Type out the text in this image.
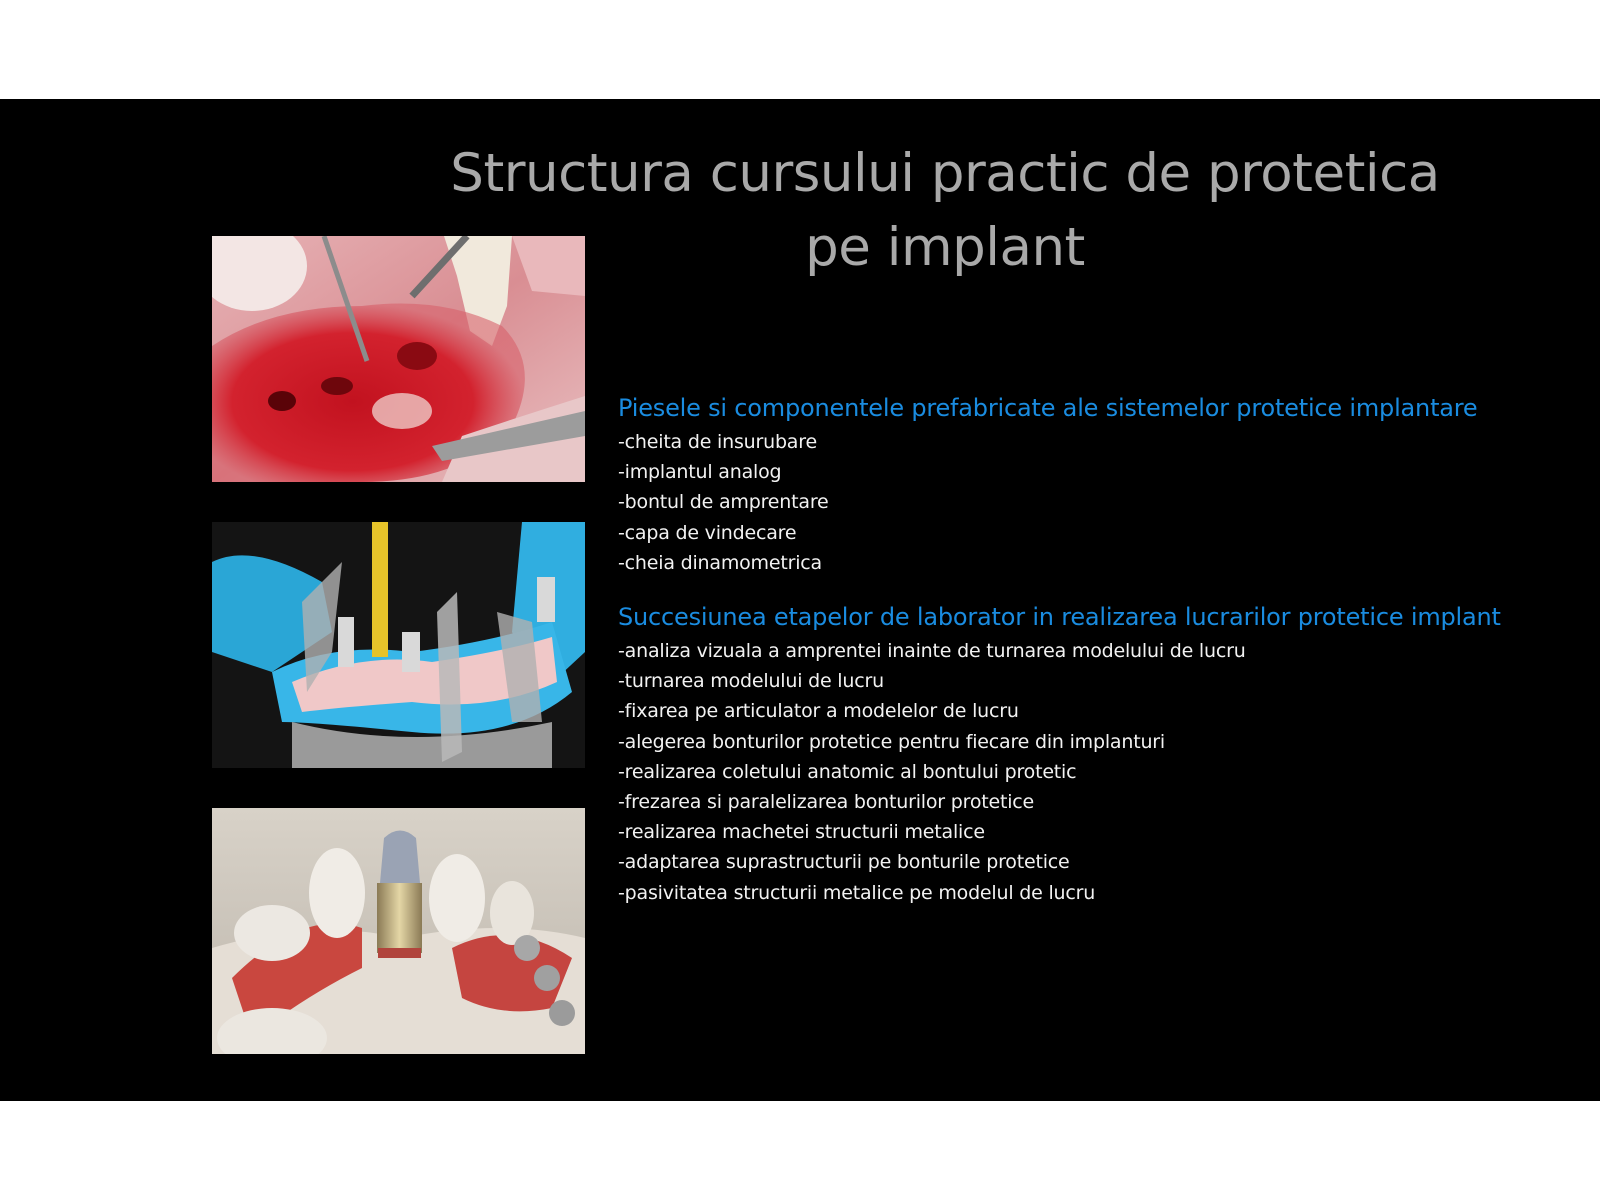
Structura cursului practic de protetica
pe implant
Piesele si componentele prefabricate ale sistemelor protetice implantare
-cheita de insurubare
-implantul analog
-bontul de amprentare
-capa de vindecare
-cheia dinamometrica
Succesiunea etapelor de laborator in realizarea lucrarilor protetice implant
-analiza vizuala a amprentei inainte de turnarea modelului de lucru
-turnarea modelului de lucru
-fixarea pe articulator a modelelor de lucru
-alegerea bonturilor protetice pentru fiecare din implanturi
-realizarea coletului anatomic al bontului protetic
-frezarea si paralelizarea bonturilor protetice
-realizarea machetei structurii metalice
-adaptarea suprastructurii pe bonturile protetice
-pasivitatea structurii metalice pe modelul de lucru
